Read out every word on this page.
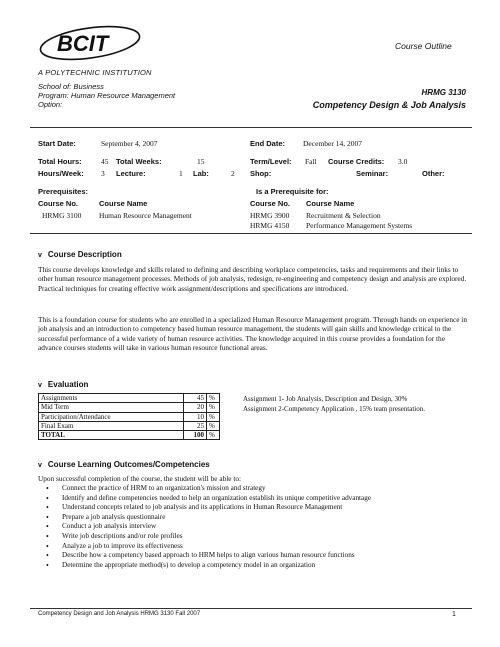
BCIT
A POLYTECHNIC INSTITUTION
Course Outline
School of: Business
Program: Human Resource Management
Option:
HRMG 3130
Competency Design & Job Analysis
Start Date:	September 4, 2007	End Date: December 14, 2007
Total Hours:	45 Total Weeks:	15	Term/Level: Fall Course Credits: 3.0
Hours/Week: 3 Lecture:	1 Lab:	2 Shop:	Seminar:	Other:
Prerequisites:
Course No.	Course Name
HRMG 3100 Human Resource Management
Is a Prerequisite for:
Course No. Course Name
HRMG 3900 Recruitment & Selection
HRMG 4150 Performance Management Systems
v Course Description
This course develops knowledge and skills related to defining and describing workplace competencies, tasks and requirements and their links to other human resource management processes. Methods of job analysis, redesign, re-engineering and competency design and analysis are explored. Practical techniques for creating effective work assignment/descriptions and specifications are introduced.
This is a foundation course for students who are enrolled in a specialized Human Resource Management program. Through hands on experience in job analysis and an introduction to competency based human resource management, the students will gain skills and knowledge critical to the successful performance of a wide variety of human resource activities. The knowledge acquired in this course provides a foundation for the advance courses students will take in various human resource functional areas.
v Evaluation
Assignments	45	%
Mid Term	20	%
Participation/Attendance	10	%
Final Exam	25	%
TOTAL	100	%
Assignment 1- Job Analysis, Description and Design, 30%
Assignment 2-Competency Application , 15% team presentation.
v Course Learning Outcomes/Competencies
Upon successful completion of the course, the student will be able to:
• Connect the practice of HRM to an organization's mission and strategy
• Identify and define competencies needed to help an organization establish its unique competitive advantage
• Understand concepts related to job analysis and its applications in Human Resource Management
• Prepare a job analysis questionnaire
• Conduct a job analysis interview
• Write job descriptions and/or role profiles
• Analyze a job to improve its effectiveness
• Describe how a competency based approach to HRM helps to align various human resource functions
• Determine the appropriate method(s) to develop a competency model in an organization
Competency Design and Job Analysis HRMG 3130 Fall 2007	1
